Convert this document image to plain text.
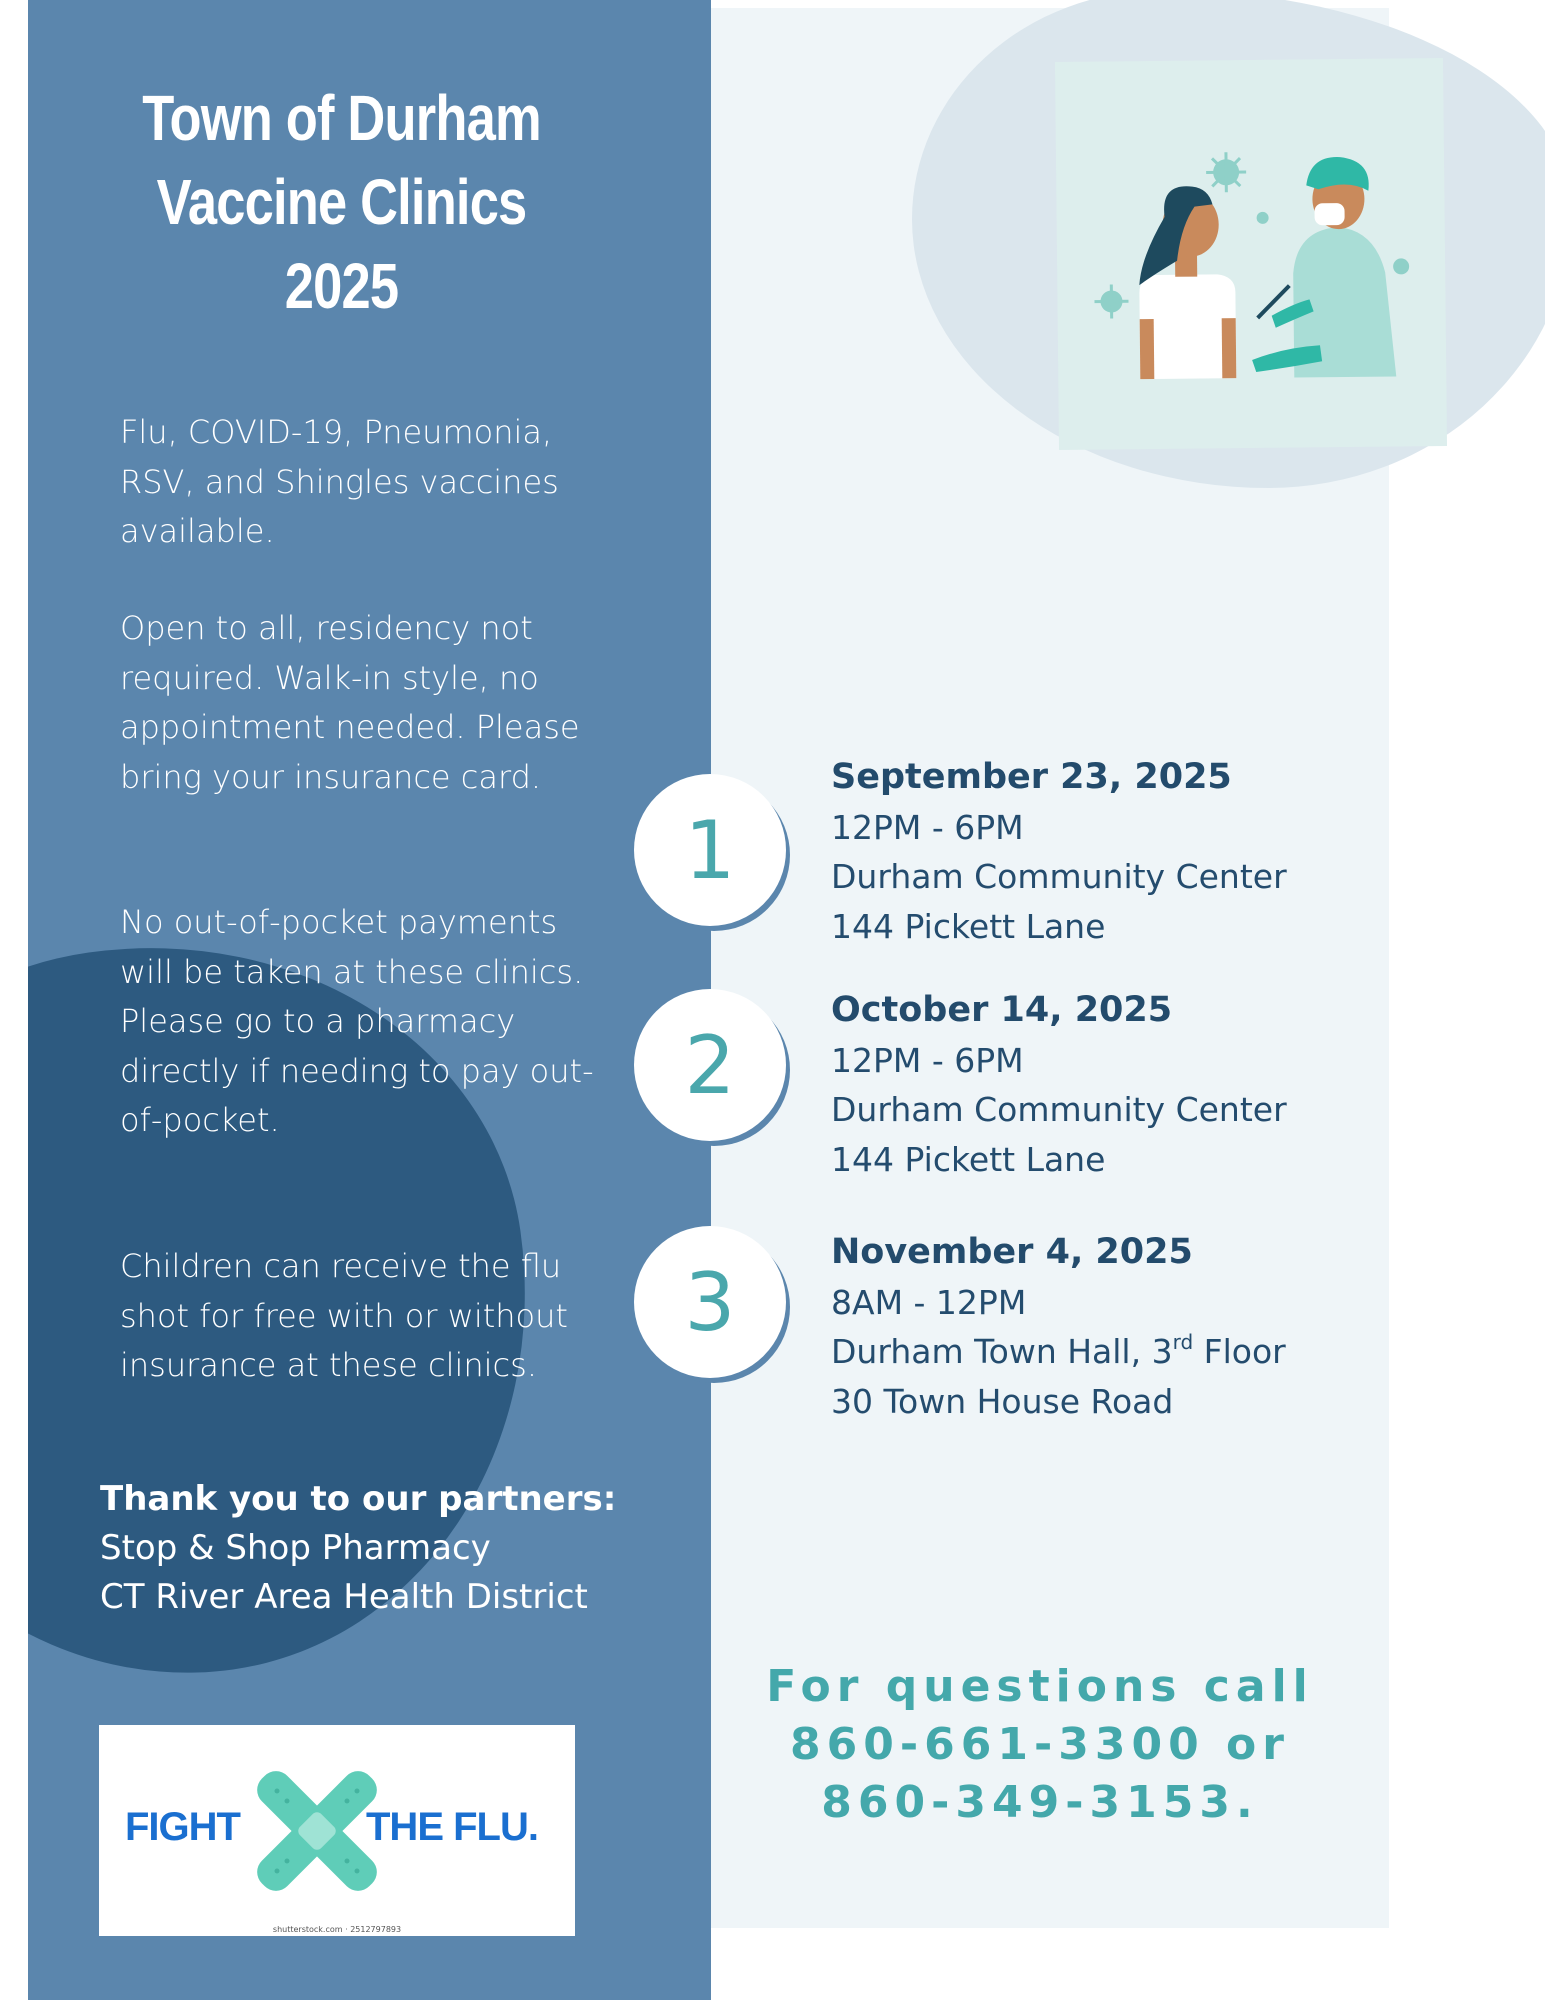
Town of Durham
Vaccine Clinics
2025
Flu, COVID-19, Pneumonia, RSV, and Shingles vaccines available.
Open to all, residency not required. Walk-in style, no appointment needed. Please bring your insurance card.
No out-of-pocket payments will be taken at these clinics. Please go to a pharmacy directly if needing to pay out-of-pocket.
Children can receive the flu shot for free with or without insurance at these clinics.
Thank you to our partners:
Stop & Shop Pharmacy
CT River Area Health District
FIGHT	THE FLU.
shutterstock.com · 2512797893
1
2
3
September 23, 2025
12PM - 6PM
Durham Community Center
144 Pickett Lane
October 14, 2025
12PM - 6PM
Durham Community Center
144 Pickett Lane
November 4, 2025
8AM - 12PM
Durham Town Hall, 3rd Floor
30 Town House Road
For questions call
860-661-3300 or
860-349-3153.
